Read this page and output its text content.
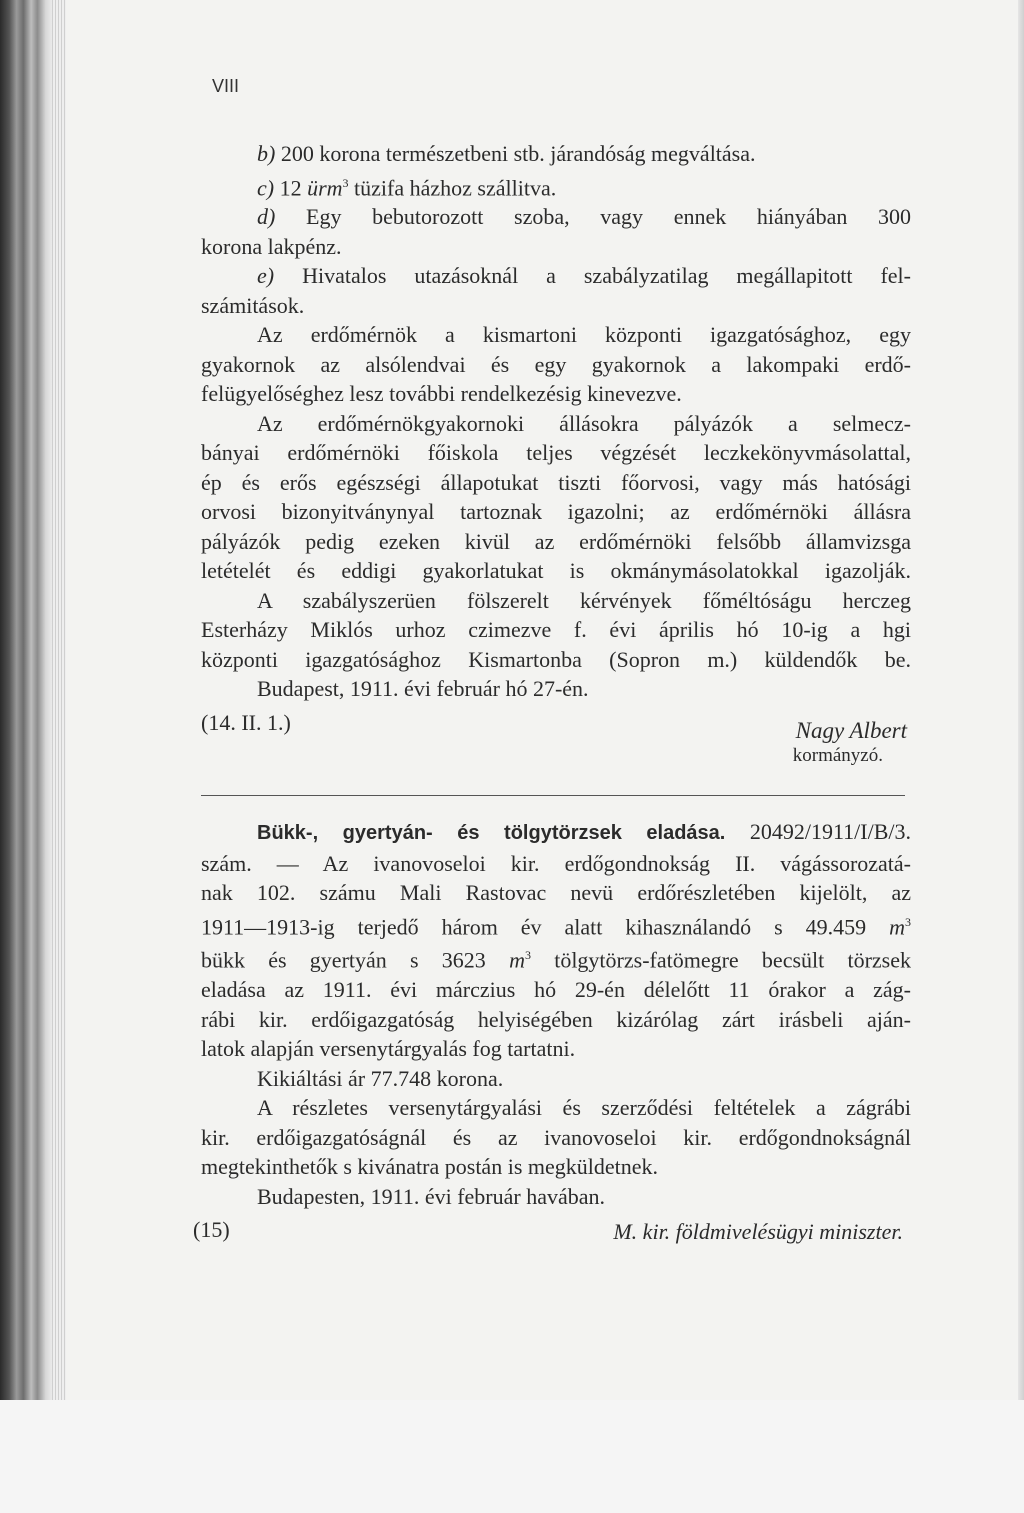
VIII
b) 200 korona természetbeni stb. járandóság megváltása.
c) 12 ürm$^3$ tüzifa házhoz szállitva.
d) Egy bebutorozott szoba, vagy ennek hiányában 300
korona lakpénz.
e) Hivatalos utazásoknál a szabályzatilag megállapitott fel-
számitások.
Az erdőmérnök a kismartoni központi igazgatósághoz, egy
gyakornok az alsólendvai és egy gyakornok a lakompaki erdő-
felügyelőséghez lesz további rendelkezésig kinevezve.
Az erdőmérnökgyakornoki állásokra pályázók a selmecz-
bányai erdőmérnöki főiskola teljes végzését leczkekönyvmásolattal,
ép és erős egészségi állapotukat tiszti főorvosi, vagy más hatósági
orvosi bizonyitványnyal tartoznak igazolni; az erdőmérnöki állásra
pályázók pedig ezeken kivül az erdőmérnöki felsőbb államvizsga
letételét és eddigi gyakorlatukat is okmánymásolatokkal igazolják.
A szabályszerüen fölszerelt kérvények főméltóságu herczeg
Esterházy Miklós urhoz czimezve f. évi április hó 10-ig a hgi
központi igazgatósághoz Kismartonba (Sopron m.) küldendők be.
Budapest, 1911. évi február hó 27-én.
(14. II. 1.)	Nagy Albert
kormányzó.
Bükk-, gyertyán- és tölgytörzsek eladása. 20492/1911/I/B/3.
szám. — Az ivanovoseloi kir. erdőgondnokság II. vágássorozatá-
nak 102. számu Mali Rastovac nevü erdőrészletében kijelölt, az
1911—1913-ig terjedő három év alatt kihasználandó s 49.459 $m^3$
bükk és gyertyán s 3623 $m^3$ tölgytörzs-fatömegre becsült törzsek
eladása az 1911. évi márczius hó 29-én délelőtt 11 órakor a zág-
rábi kir. erdőigazgatóság helyiségében kizárólag zárt irásbeli aján-
latok alapján versenytárgyalás fog tartatni.
Kikiáltási ár 77.748 korona.
A részletes versenytárgyalási és szerződési feltételek a zágrábi
kir. erdőigazgatóságnál és az ivanovoseloi kir. erdőgondnokságnál
megtekinthetők s kivánatra postán is megküldetnek.
Budapesten, 1911. évi február havában.
(15)	M. kir. földmivelésügyi miniszter.
